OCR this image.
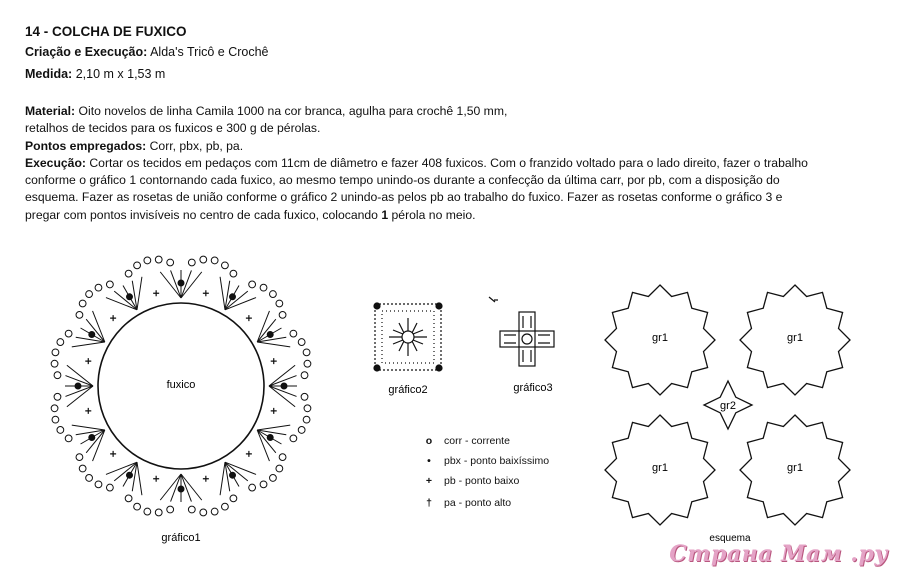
14 - COLCHA DE FUXICO
Criação e Execução: Alda's Tricô e Crochê
Medida: 2,10 m x 1,53 m
Material: Oito novelos de linha Camila 1000 na cor branca, agulha para crochê 1,50 mm,
retalhos de tecidos para os fuxicos e 300 g de pérolas.
Pontos empregados: Corr, pbx, pb, pa.
Execução: Cortar os tecidos em pedaços com 11cm de diâmetro e fazer 408 fuxicos. Com o franzido voltado para o lado direito, fazer o trabalho
conforme o gráfico 1 contornando cada fuxico, ao mesmo tempo unindo-os durante a confecção da última carr, por pb, com a disposição do
esquema. Fazer as rosetas de união conforme o gráfico 2 unindo-as pelos pb ao trabalho do fuxico. Fazer as rosetas conforme o gráfico 3 e
pregar com pontos invisíveis no centro de cada fuxico, colocando 1 pérola no meio.
fuxico
gráfico1
gráfico2	gráfico3
gr1	gr1
gr1	gr1
gr2
esquema
o corr - corrente
• pbx - ponto baixíssimo
+ pb - ponto baixo
† pa - ponto alto
Страна Мам .ру
